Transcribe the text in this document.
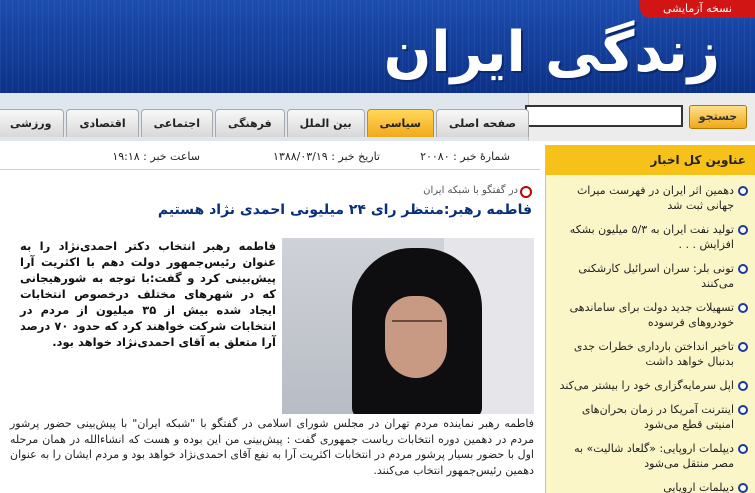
نسخه آزمایشی
زندگی ایران
جستجو
صفحه اصلی
سیاسی
بین الملل
فرهنگی
اجتماعی
اقتصادی
ورزشی
شمارهٔ خبر : ۲۰۰۸۰
تاریخ خبر : ۱۳۸۸/۰۳/۱۹
ساعت خبر : ۱۹:۱۸
در گفتگو با شبکه ایران
فاطمه رهبر:منتظر رای ۲۴ میلیونی احمدی نژاد هستیم
فاطمه رهبر انتخاب دکتر احمدی‌نژاد را به عنوان رئیس‌جمهور دولت دهم با اکثریت آرا پیش‌بینی کرد و گفت:با توجه به شورهیجانی که در شهرهای مختلف درخصوص انتخابات ایجاد شده بیش از ۳۵ میلیون از مردم در انتخابات شرکت خواهند کرد که حدود ۷۰ درصد آرا متعلق به آقای احمدی‌نژاد خواهد بود.
فاطمه رهبر نماینده مردم تهران در مجلس شورای اسلامی در گفتگو با "شبکه ایران" با پیش‌بینی حضور پرشور مردم در دهمین دوره انتخابات ریاست جمهوری گفت : پیش‌بینی من این بوده و هست که انشاءالله در همان مرحله اول با حضور بسیار پرشور مردم در انتخابات اکثریت آرا به نفع آقای احمدی‌نژاد خواهد بود و مردم ایشان را به عنوان دهمین رئیس‌جمهور انتخاب می‌کنند.
عناوین کل اخبار
دهمین اثر ایران در فهرست میراث جهانی ثبت شد
تولید نفت ایران به ۵/۳ میلیون بشکه افزایش . . .
تونی بلر: سران اسرائیل کارشکنی می‌کنند
تسهیلات جدید دولت برای ساماندهی خودروهای فرسوده
تاخیر انداختن بارداری خطرات جدی بدنبال خواهد داشت
اپل سرمایه‌گزاری خود را بیشتر می‌کند
اینترنت آمریکا در زمان بحران‌های امنیتی قطع می‌شود
دیپلمات اروپایی: «گلعاد شالیت» به مصر منتقل می‌شود
دیپلمات اروپایی
